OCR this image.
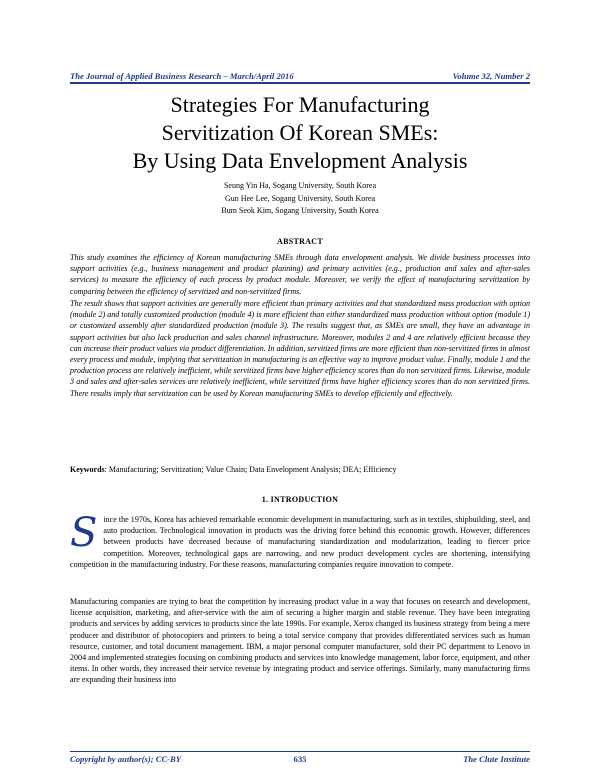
The Journal of Applied Business Research – March/April 2016	Volume 32, Number 2
Strategies For Manufacturing
Servitization Of Korean SMEs:
By Using Data Envelopment Analysis
Seung Yin Ha, Sogang University, South Korea
Gun Hee Lee, Sogang University, South Korea
Bum Seok Kim, Sogang University, South Korea
ABSTRACT

This study examines the efficiency of Korean manufacturing SMEs through data envelopment analysis. We divide business processes into support activities (e.g., business management and product planning) and primary activities (e.g., production and sales and after-sales services) to measure the efficiency of each process by product module. Moreover, we verify the effect of manufacturing servitization by comparing between the efficiency of servitized and non-servitized firms.

The result shows that support activities are generally more efficient than primary activities and that standardized mass production with option (module 2) and totally customized production (module 4) is more efficient than either standardized mass production without option (module 1) or customized assembly after standardized production (module 3). The results suggest that, as SMEs are small, they have an advantage in support activities but also lack production and sales channel infrastructure. Moreover, modules 2 and 4 are relatively efficient because they can increase their product values via product differentiation. In addition, servitized firms are more efficient than non-servitized firms in almost every process and module, implying that servitization in manufacturing is an effective way to improve product value. Finally, module 1 and the production process are relatively inefficient, while servitized firms have higher efficiency scores than do non servitized firms. Likewise, module 3 and sales and after-sales services are relatively inefficient, while servitized firms have higher efficiency scores than do non servitized firms. There results imply that servitization can be used by Korean manufacturing SMEs to develop efficiently and effectively.

Keywords: Manufacturing; Servitization; Value Chain; Data Envelopment Analysis; DEA; Efficiency
1. INTRODUCTION

Since the 1970s, Korea has achieved remarkable economic development in manufacturing, such as in textiles, shipbuilding, steel, and auto production. Technological innovation in products was the driving force behind this economic growth. However, differences between products have decreased because of manufacturing standardization and modularization, leading to fiercer price competition. Moreover, technological gaps are narrowing, and new product development cycles are shortening, intensifying competition in the manufacturing industry. For these reasons, manufacturing companies require innovation to compete.

Manufacturing companies are trying to beat the competition by increasing product value in a way that focuses on research and development, license acquisition, marketing, and after-service with the aim of securing a higher margin and stable revenue. They have been integrating products and services by adding services to products since the late 1990s. For example, Xerox changed its business strategy from being a mere producer and distributor of photocopiers and printers to being a total service company that provides differentiated services such as human resource, customer, and total document management. IBM, a major personal computer manufacturer, sold their PC department to Lenovo in 2004 and implemented strategies focusing on combining products and services into knowledge management, labor force, equipment, and other items. In other words, they increased their service revenue by integrating product and service offerings. Similarly, many manufacturing firms are expanding their business into

Copyright by author(s); CC-BY	635	The Clute Institute
